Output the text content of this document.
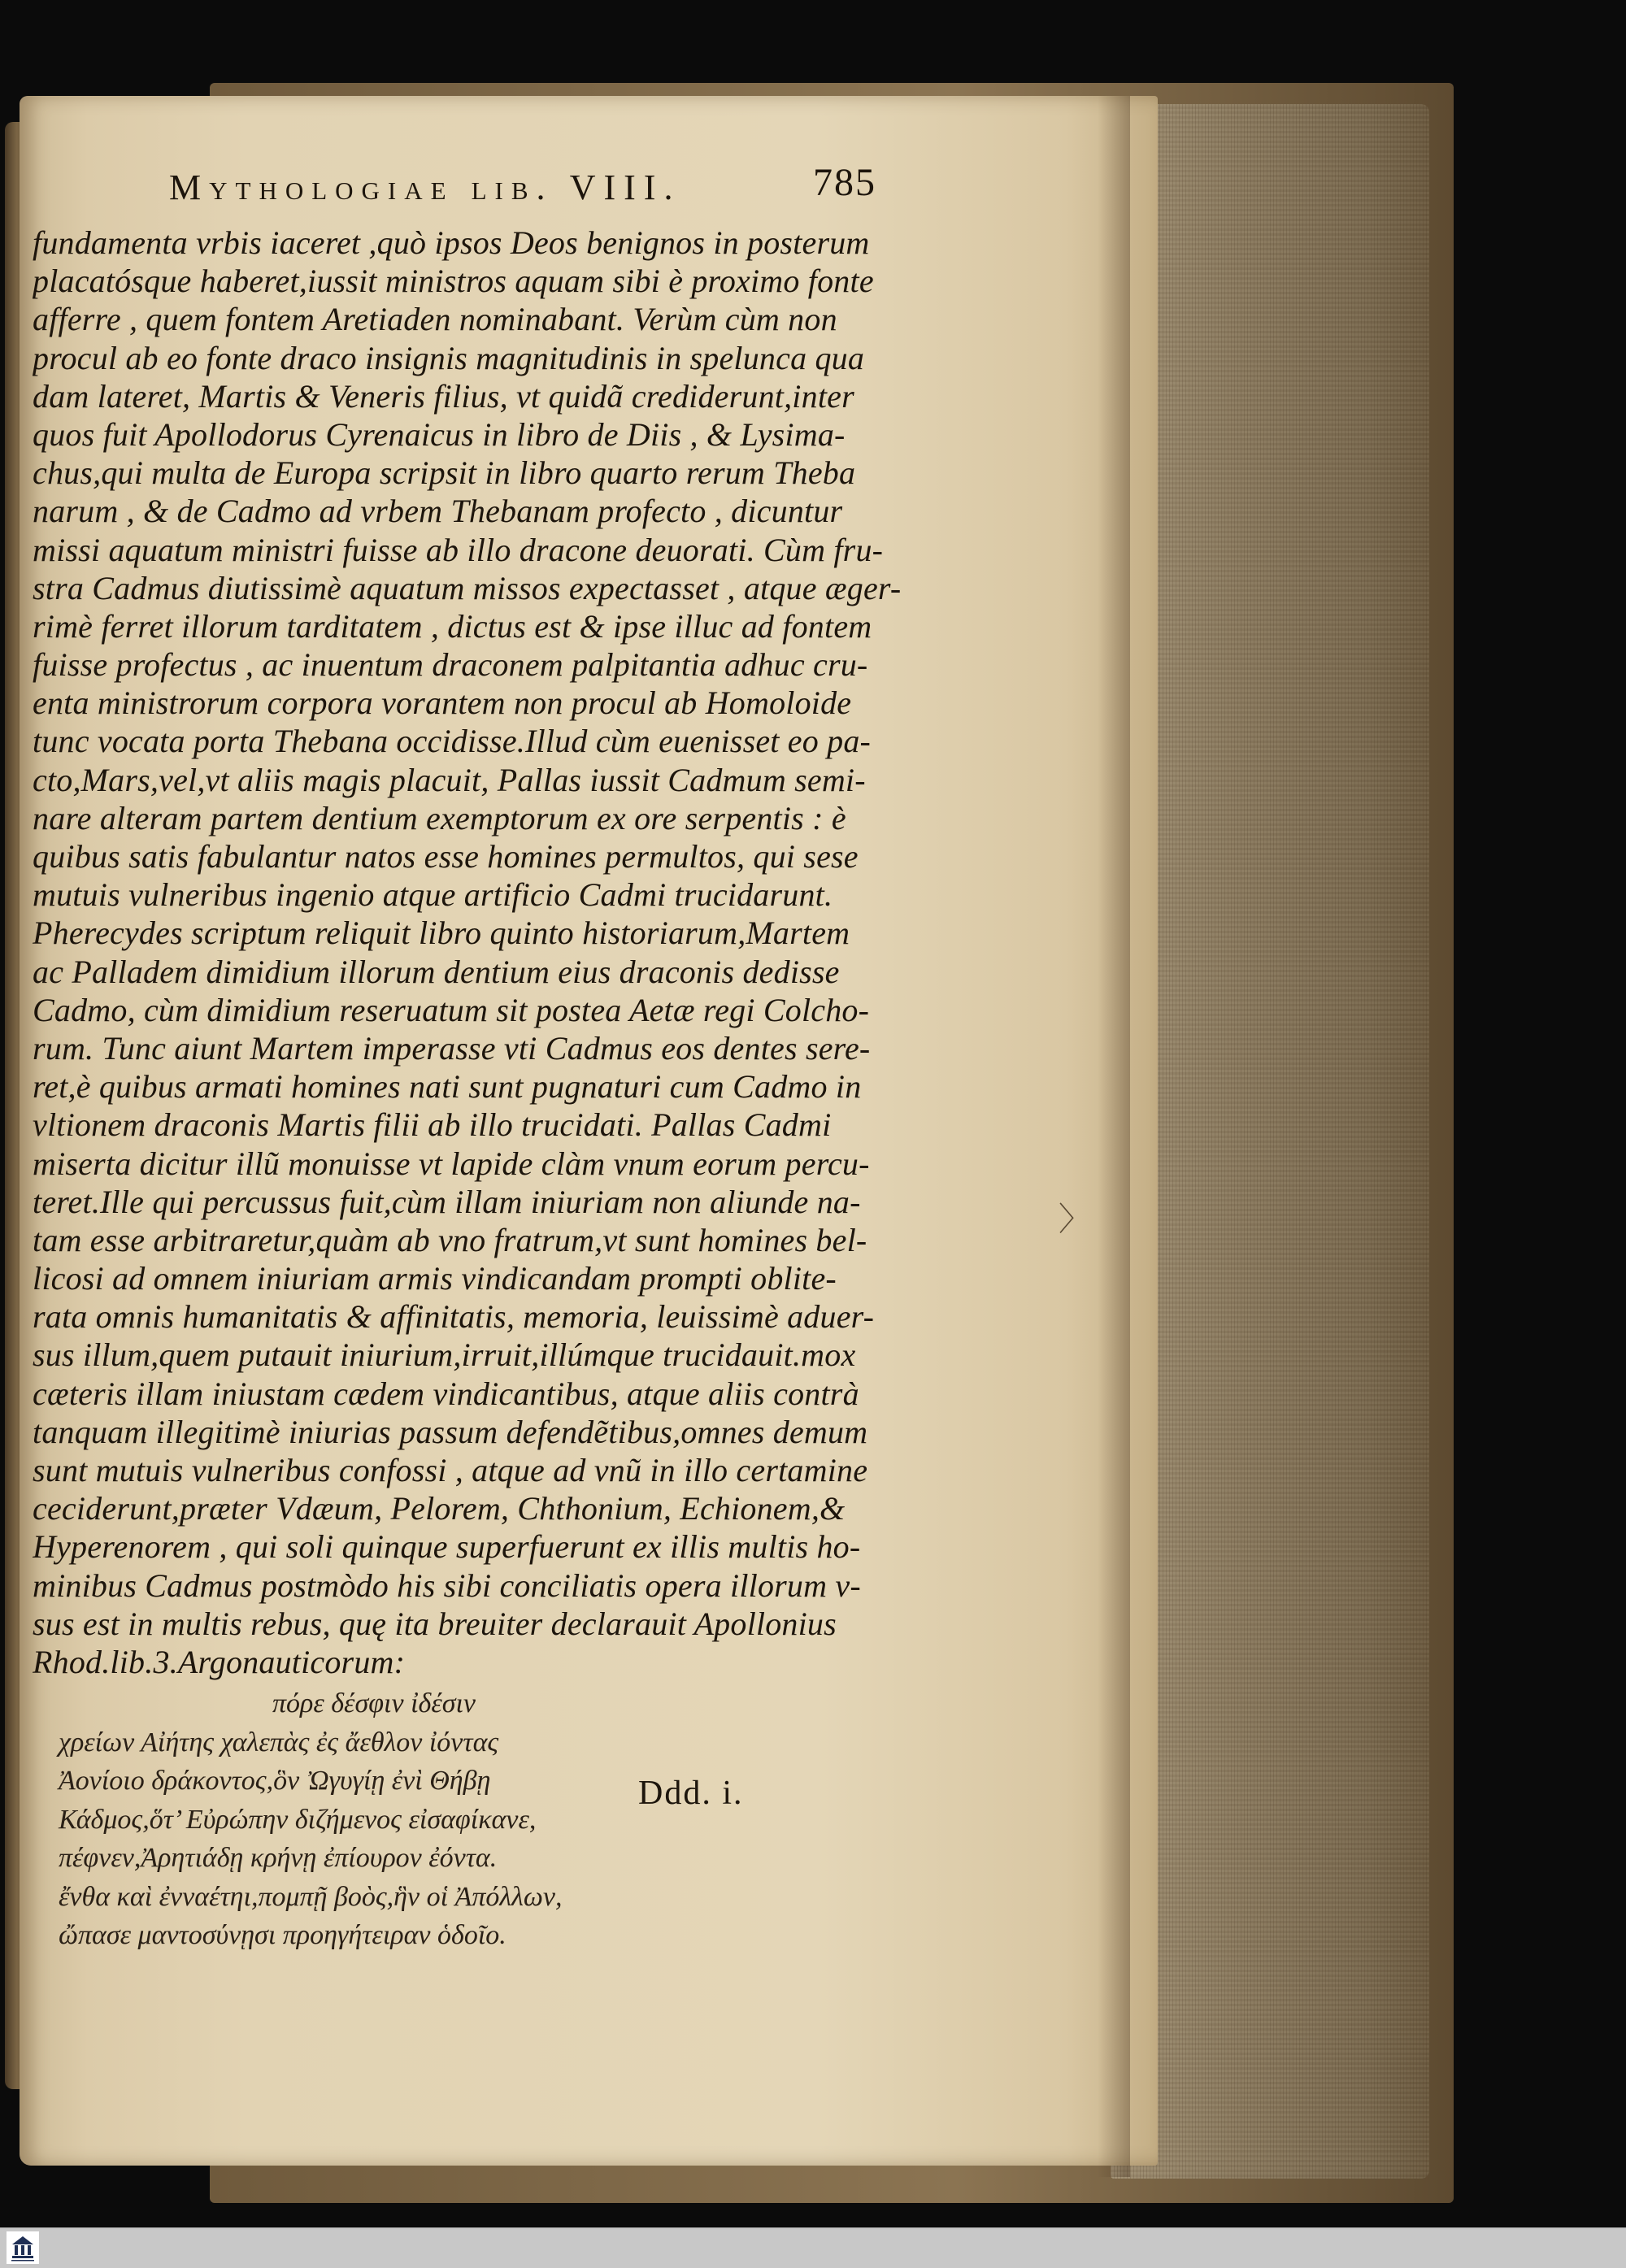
Mythologiae lib. VIII.	785
fundamenta vrbis iaceret ,quò ipsos Deos benignos in posterum
placatósque haberet,iussit ministros aquam sibi è proximo fonte
afferre , quem fontem Aretiaden nominabant. Verùm cùm non
procul ab eo fonte draco insignis magnitudinis in spelunca qua
dam lateret, Martis & Veneris filius, vt quidã crediderunt,inter
quos fuit Apollodorus Cyrenaicus in libro de Diis , & Lysima-
chus,qui multa de Europa scripsit in libro quarto rerum Theba
narum , & de Cadmo ad vrbem Thebanam profecto , dicuntur
missi aquatum ministri fuisse ab illo dracone deuorati. Cùm fru-
stra Cadmus diutissimè aquatum missos expectasset , atque æger-
rimè ferret illorum tarditatem , dictus est & ipse illuc ad fontem
fuisse profectus , ac inuentum draconem palpitantia adhuc cru-
enta ministrorum corpora vorantem non procul ab Homoloide
tunc vocata porta Thebana occidisse.Illud cùm euenisset eo pa-
cto,Mars,vel,vt aliis magis placuit, Pallas iussit Cadmum semi-
nare alteram partem dentium exemptorum ex ore serpentis : è
quibus satis fabulantur natos esse homines permultos, qui sese
mutuis vulneribus ingenio atque artificio Cadmi trucidarunt.
Pherecydes scriptum reliquit libro quinto historiarum,Martem
ac Palladem dimidium illorum dentium eius draconis dedisse
Cadmo, cùm dimidium reseruatum sit postea Aetæ regi Colcho-
rum. Tunc aiunt Martem imperasse vti Cadmus eos dentes sere-
ret,è quibus armati homines nati sunt pugnaturi cum Cadmo in
vltionem draconis Martis filii ab illo trucidati. Pallas Cadmi
miserta dicitur illũ monuisse vt lapide clàm vnum eorum percu-
teret.Ille qui percussus fuit,cùm illam iniuriam non aliunde na-
tam esse arbitraretur,quàm ab vno fratrum,vt sunt homines bel-
licosi ad omnem iniuriam armis vindicandam prompti oblite-
rata omnis humanitatis & affinitatis, memoria, leuissimè aduer-
sus illum,quem putauit iniurium,irruit,illúmque trucidauit.mox
cæteris illam iniustam cædem vindicantibus, atque aliis contrà
tanquam illegitimè iniurias passum defendẽtibus,omnes demum
sunt mutuis vulneribus confossi , atque ad vnũ in illo certamine
ceciderunt,præter Vdæum, Pelorem, Chthonium, Echionem,&
Hyperenorem , qui soli quinque superfuerunt ex illis multis ho-
minibus Cadmus postmòdo his sibi conciliatis opera illorum v-
sus est in multis rebus, quę ita breuiter declarauit Apollonius
Rhod.lib.3.Argonauticorum:
πόρε δέσφιν ἰδέσιν
χρείων Αἰήτης χαλεπὰς ἐς ἄεθλον ἰόντας
Ἀονίοιο δράκοντος,ὃν Ὠγυγίῃ ἐνὶ Θήβῃ
Κάδμος,ὅτ’ Εὐρώπην διζήμενος εἰσαφίκανε,
πέφνεν,Ἀρητιάδῃ κρήνῃ ἐπίουρον ἐόντα.
ἔνθα καὶ ἐνναέτηι,πομπῇ βοὸς,ἣν οἱ Ἀπόλλων,
ὤπασε μαντοσύνῃσι προηγήτειραν ὁδοῖο.
Ddd. i.
〉
